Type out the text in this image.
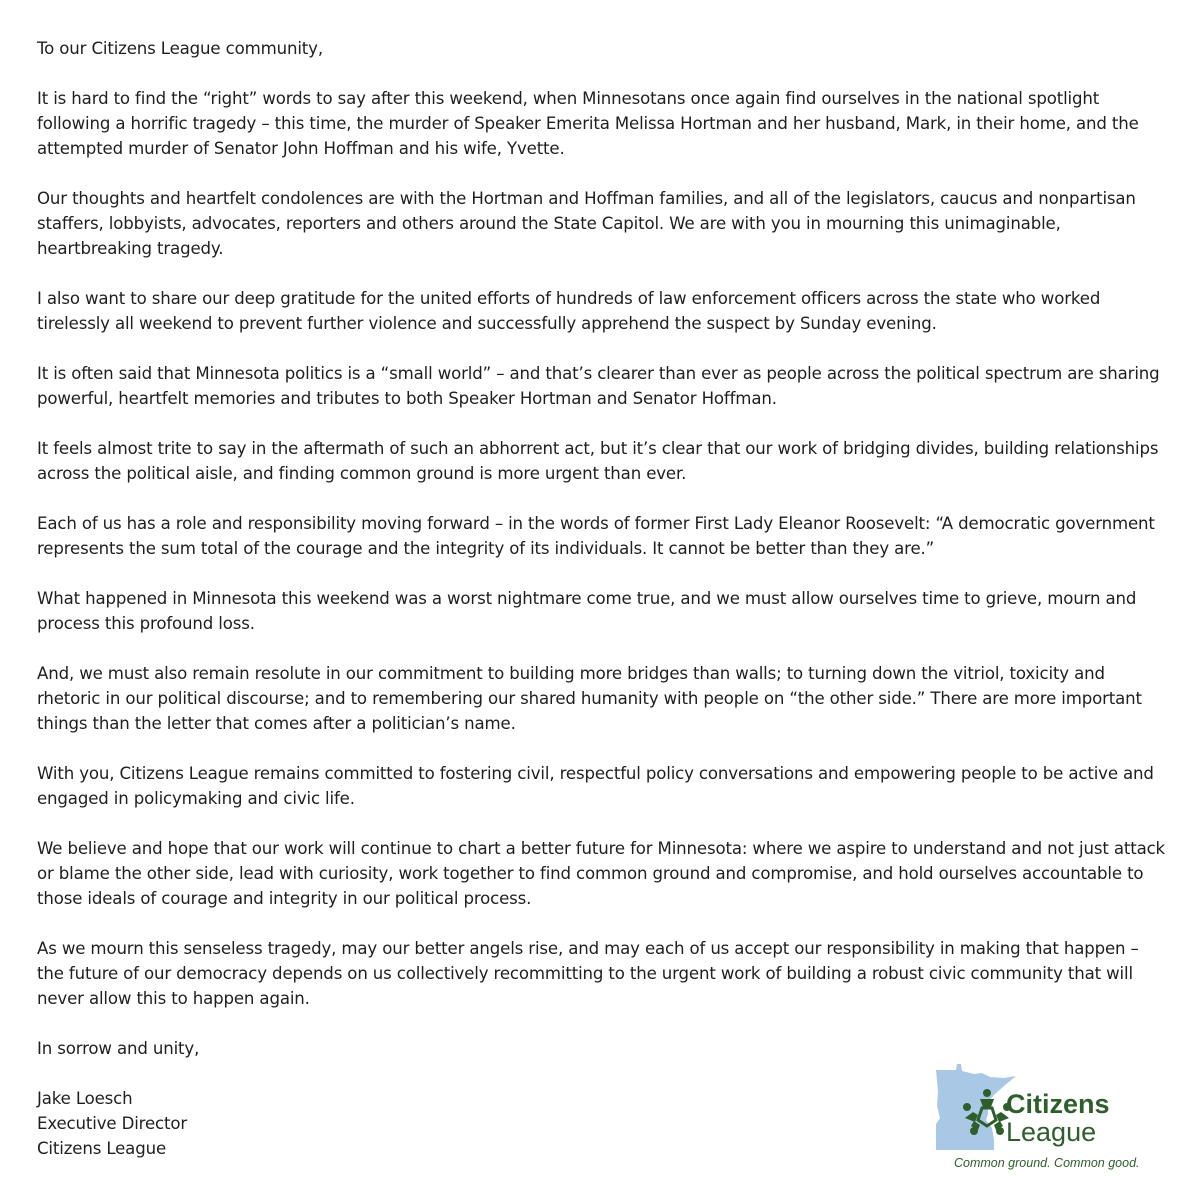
To our Citizens League community,

It is hard to find the “right” words to say after this weekend, when Minnesotans once again find ourselves in the national spotlight following a horrific tragedy – this time, the murder of Speaker Emerita Melissa Hortman and her husband, Mark, in their home, and the attempted murder of Senator John Hoffman and his wife, Yvette.

Our thoughts and heartfelt condolences are with the Hortman and Hoffman families, and all of the legislators, caucus and nonpartisan staffers, lobbyists, advocates, reporters and others around the State Capitol. We are with you in mourning this unimaginable, heartbreaking tragedy.

I also want to share our deep gratitude for the united efforts of hundreds of law enforcement officers across the state who worked tirelessly all weekend to prevent further violence and successfully apprehend the suspect by Sunday evening.

It is often said that Minnesota politics is a “small world” – and that’s clearer than ever as people across the political spectrum are sharing powerful, heartfelt memories and tributes to both Speaker Hortman and Senator Hoffman.

It feels almost trite to say in the aftermath of such an abhorrent act, but it’s clear that our work of bridging divides, building relationships across the political aisle, and finding common ground is more urgent than ever.

Each of us has a role and responsibility moving forward – in the words of former First Lady Eleanor Roosevelt: “A democratic government represents the sum total of the courage and the integrity of its individuals. It cannot be better than they are.”

What happened in Minnesota this weekend was a worst nightmare come true, and we must allow ourselves time to grieve, mourn and process this profound loss.

And, we must also remain resolute in our commitment to building more bridges than walls; to turning down the vitriol, toxicity and rhetoric in our political discourse; and to remembering our shared humanity with people on “the other side.” There are more important things than the letter that comes after a politician’s name.

With you, Citizens League remains committed to fostering civil, respectful policy conversations and empowering people to be active and engaged in policymaking and civic life.

We believe and hope that our work will continue to chart a better future for Minnesota: where we aspire to understand and not just attack or blame the other side, lead with curiosity, work together to find common ground and compromise, and hold ourselves accountable to those ideals of courage and integrity in our political process.

As we mourn this senseless tragedy, may our better angels rise, and may each of us accept our responsibility in making that happen – the future of our democracy depends on us collectively recommitting to the urgent work of building a robust civic community that will never allow this to happen again.

In sorrow and unity,

Jake Loesch

Executive Director

Citizens League

Citizens
League
Common ground. Common good.
